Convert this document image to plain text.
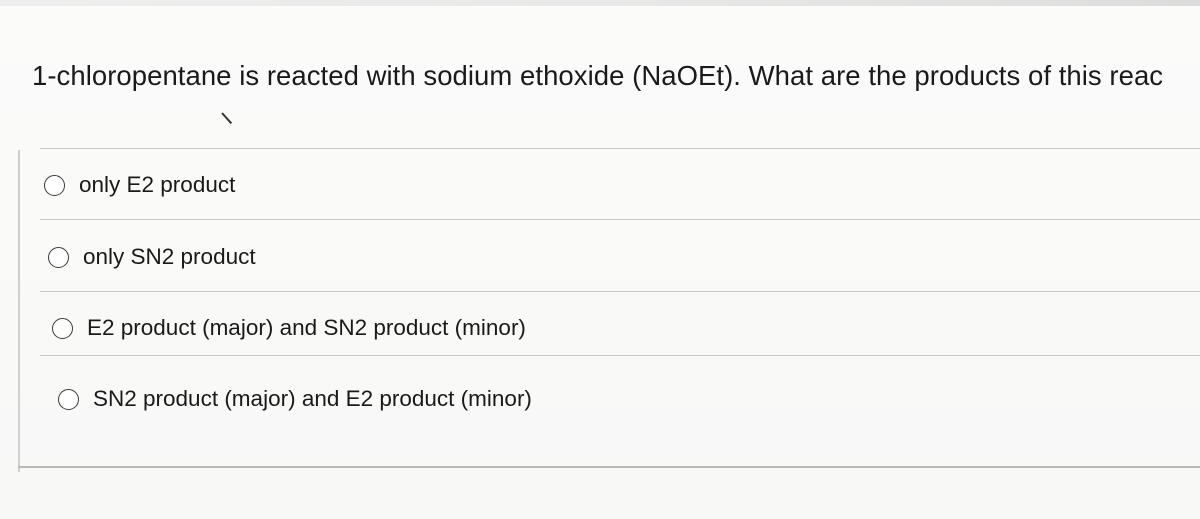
1-chloropentane is reacted with sodium ethoxide (NaOEt). What are the products of this reac
only E2 product
only SN2 product
E2 product (major) and SN2 product (minor)
SN2 product (major) and E2 product (minor)
